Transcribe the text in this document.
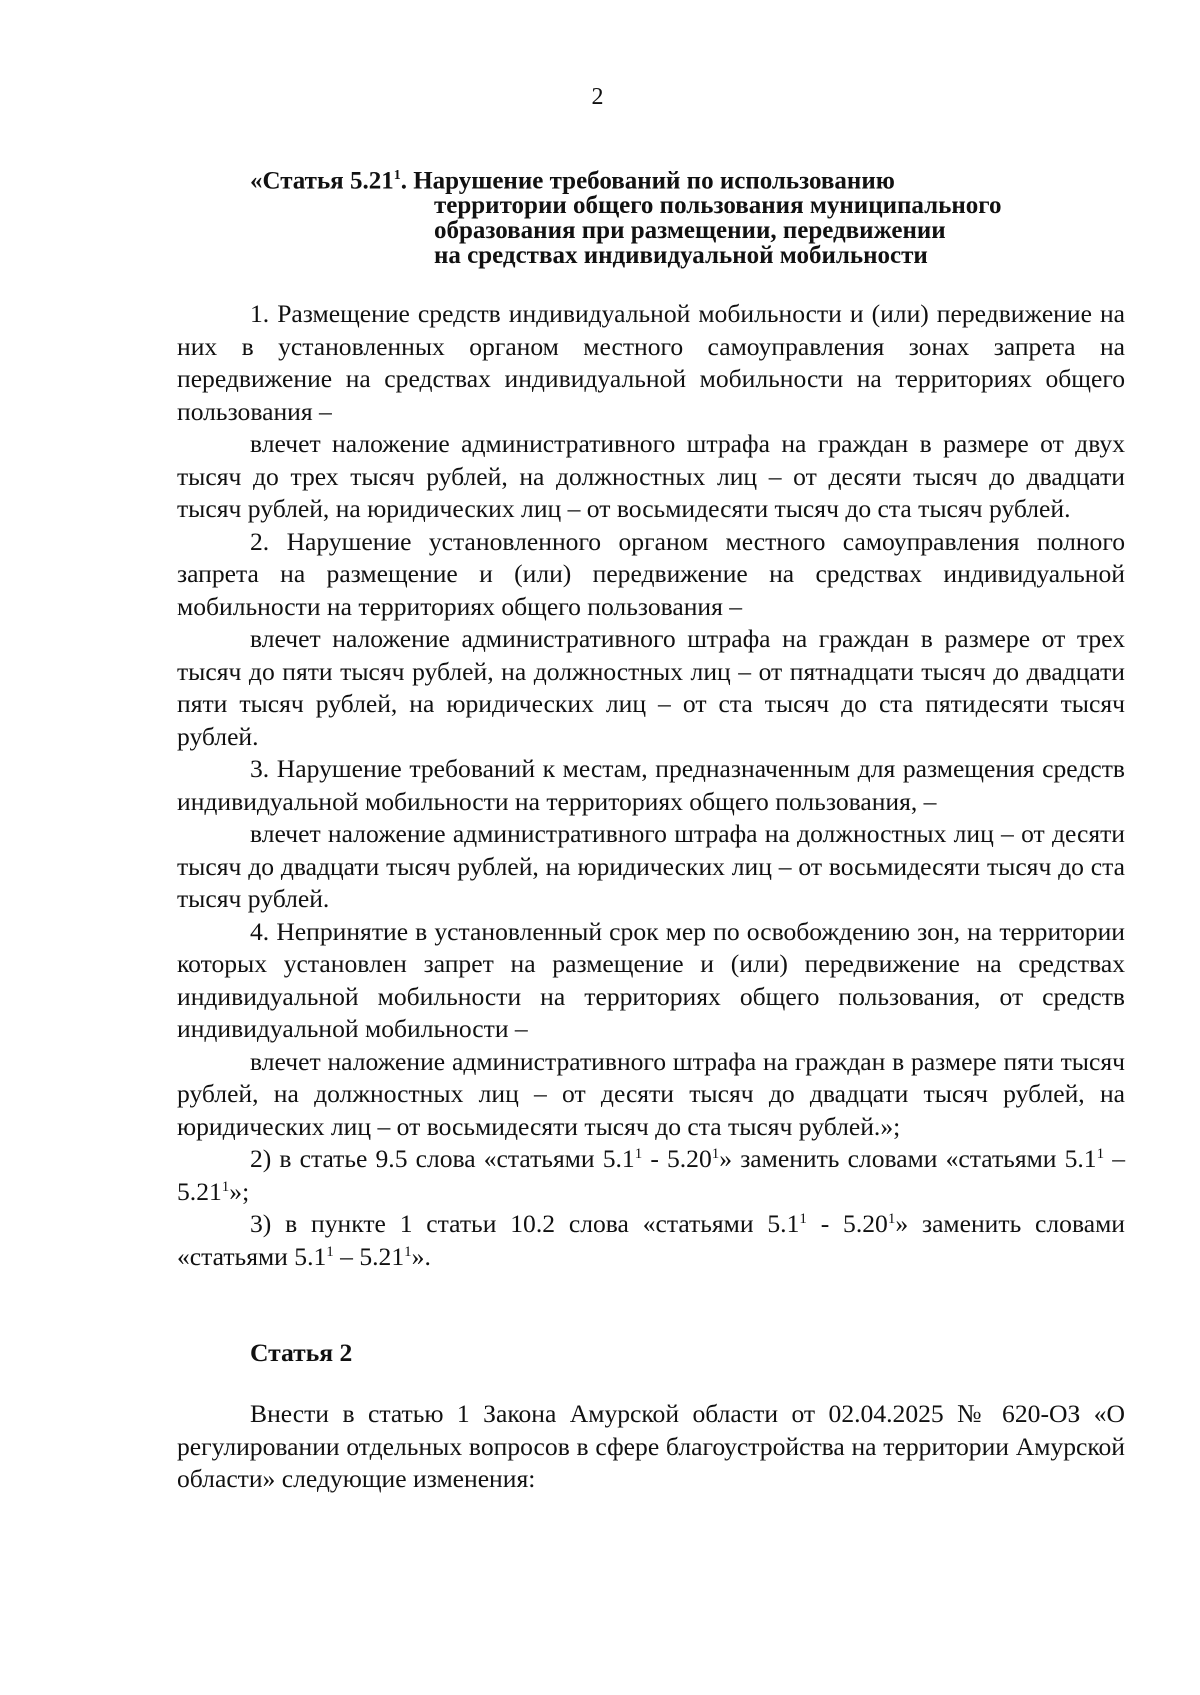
2
«Статья 5.21$^1$. Нарушение требований по использованию
территории общего пользования муниципального
образования при размещении, передвижении
на средствах индивидуальной мобильности

1. Размещение средств индивидуальной мобильности и (или) передвижение на них в установленных органом местного самоуправления зонах запрета на передвижение на средствах индивидуальной мобильности на территориях общего пользования –

влечет наложение административного штрафа на граждан в размере от двух тысяч до трех тысяч рублей, на должностных лиц – от десяти тысяч до двадцати тысяч рублей, на юридических лиц – от восьмидесяти тысяч до ста тысяч рублей.

2. Нарушение установленного органом местного самоуправления полного запрета на размещение и (или) передвижение на средствах индивидуальной мобильности на территориях общего пользования –

влечет наложение административного штрафа на граждан в размере от трех тысяч до пяти тысяч рублей, на должностных лиц – от пятнадцати тысяч до двадцати пяти тысяч рублей, на юридических лиц – от ста тысяч до ста пятидесяти тысяч рублей.

3. Нарушение требований к местам, предназначенным для размещения средств индивидуальной мобильности на территориях общего пользования, –

влечет наложение административного штрафа на должностных лиц – от десяти тысяч до двадцати тысяч рублей, на юридических лиц – от восьмидесяти тысяч до ста тысяч рублей.

4. Непринятие в установленный срок мер по освобождению зон, на территории которых установлен запрет на размещение и (или) передвижение на средствах индивидуальной мобильности на территориях общего пользования, от средств индивидуальной мобильности –

влечет наложение административного штрафа на граждан в размере пяти тысяч рублей, на должностных лиц – от десяти тысяч до двадцати тысяч рублей, на юридических лиц – от восьмидесяти тысяч до ста тысяч рублей.»;

2) в статье 9.5 слова «статьями $5.1^1 - 5.20^1$» заменить словами «статьями $5.1^1 - 5.21^1$»;

3) в пункте 1 статьи 10.2 слова «статьями $5.1^1 - 5.20^1$» заменить словами «статьями $5.1^1 - 5.21^1$».

Статья 2

Внести в статью 1 Закона Амурской области от 02.04.2025 № 620-ОЗ «О регулировании отдельных вопросов в сфере благоустройства на территории Амурской области» следующие изменения:
